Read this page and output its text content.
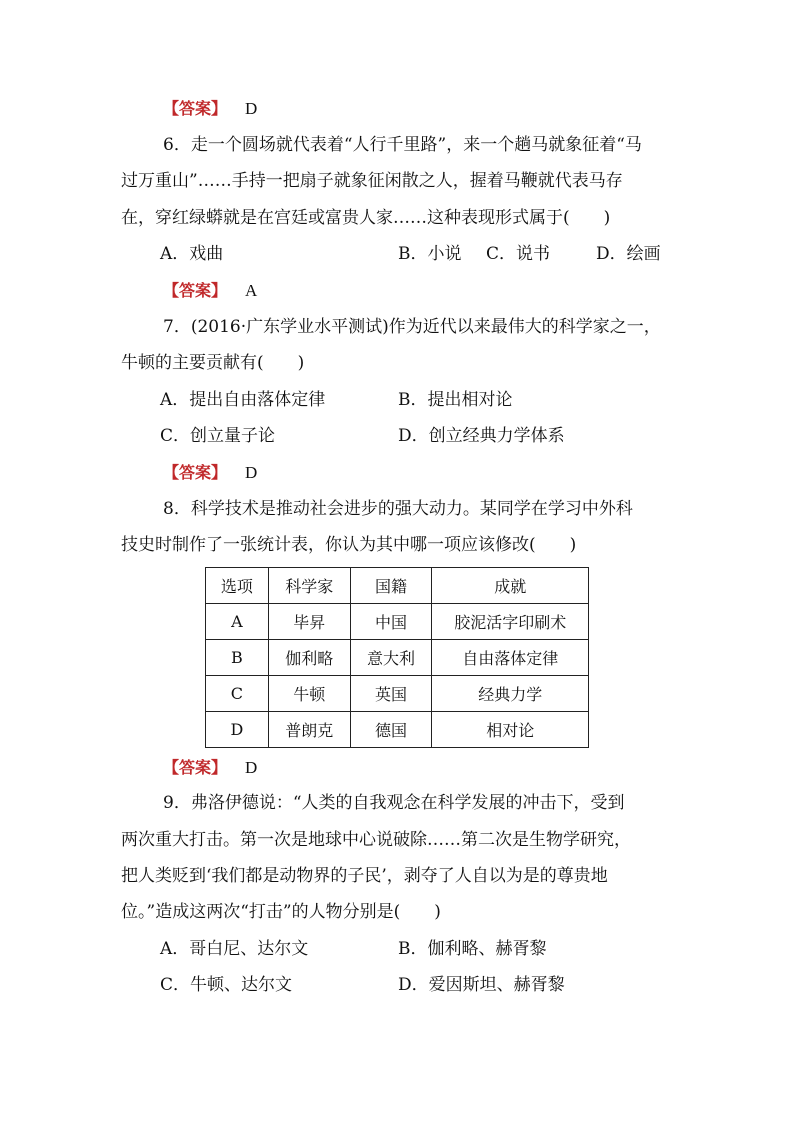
【答案】 D
6．走一个圆场就代表着“人行千里路”，来一个趟马就象征着“马
过万重山”……手持一把扇子就象征闲散之人，握着马鞭就代表马存
在，穿红绿蟒就是在宫廷或富贵人家……这种表现形式属于(　　)
A．戏曲	B．小说 C．说书	D．绘画
【答案】 A
7．(2016·广东学业水平测试)作为近代以来最伟大的科学家之一，
牛顿的主要贡献有(　　)
A．提出自由落体定律	B．提出相对论
C．创立量子论	D．创立经典力学体系
【答案】 D
8．科学技术是推动社会进步的强大动力。某同学在学习中外科
技史时制作了一张统计表，你认为其中哪一项应该修改(　　)
选项	科学家	国籍	成就
A	毕昇	中国	胶泥活字印刷术
B	伽利略	意大利	自由落体定律
C	牛顿	英国	经典力学
D	普朗克	德国	相对论
【答案】 D
9．弗洛伊德说：“人类的自我观念在科学发展的冲击下，受到
两次重大打击。第一次是地球中心说破除……第二次是生物学研究，
把人类贬到‘我们都是动物界的子民’，剥夺了人自以为是的尊贵地
位。”造成这两次“打击”的人物分别是(　　)
A．哥白尼、达尔文	B．伽利略、赫胥黎
C．牛顿、达尔文	D．爱因斯坦、赫胥黎
